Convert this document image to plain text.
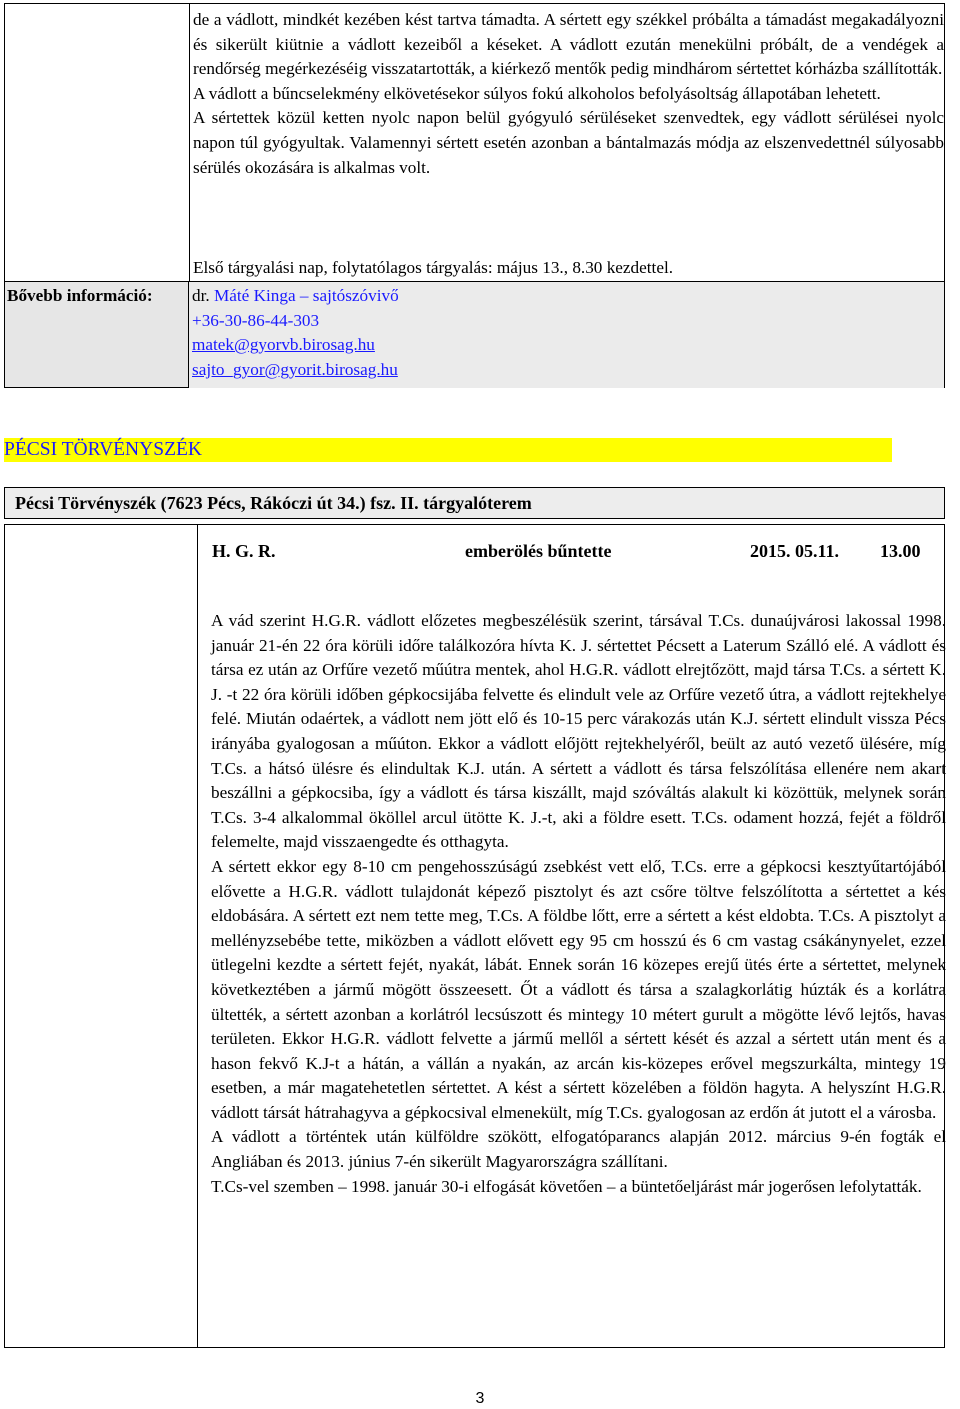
de a vádlott, mindkét kezében kést tartva támadta. A sértett egy székkel próbálta a támadást megakadályozni és sikerült kiütnie a vádlott kezeiből a késeket. A vádlott ezután menekülni próbált, de a vendégek a rendőrség megérkezéséig visszatartották, a kiérkező mentők pedig mindhárom sértettet kórházba szállították.

A vádlott a bűncselekmény elkövetésekor súlyos fokú alkoholos befolyásoltság állapotában lehetett.

A sértettek közül ketten nyolc napon belül gyógyuló sérüléseket szenvedtek, egy vádlott sérülései nyolc napon túl gyógyultak. Valamennyi sértett esetén azonban a bántalmazás módja az elszenvedettnél súlyosabb sérülés okozására is alkalmas volt.

Első tárgyalási nap, folytatólagos tárgyalás: május 13., 8.30 kezdettel.
Bővebb információ: dr. Máté Kinga – sajtószóvivő
+36-30-86-44-303
matek@gyorvb.birosag.hu
sajto_gyor@gyorit.birosag.hu
PÉCSI TÖRVÉNYSZÉK
Pécsi Törvényszék (7623 Pécs, Rákóczi út 34.) fsz. II. tárgyalóterem
H. G. R.	emberölés bűntette	2015. 05.11. 13.00

A vád szerint H.G.R. vádlott előzetes megbeszélésük szerint, társával T.Cs. dunaújvárosi lakossal 1998. január 21-én 22 óra körüli időre találkozóra hívta K. J. sértettet Pécsett a Laterum Szálló elé. A vádlott és társa ez után az Orfűre vezető műútra mentek, ahol H.G.R. vádlott elrejtőzött, majd társa T.Cs. a sértett K. J. -t 22 óra körüli időben gépkocsijába felvette és elindult vele az Orfűre vezető útra, a vádlott rejtekhelye felé. Miután odaértek, a vádlott nem jött elő és 10-15 perc várakozás után K.J. sértett elindult vissza Pécs irányába gyalogosan a műúton. Ekkor a vádlott előjött rejtekhelyéről, beült az autó vezető ülésére, míg T.Cs. a hátsó ülésre és elindultak K.J. után. A sértett a vádlott és társa felszólítása ellenére nem akart beszállni a gépkocsiba, így a vádlott és társa kiszállt, majd szóváltás alakult ki közöttük, melynek során T.Cs. 3-4 alkalommal ököllel arcul ütötte K. J.-t, aki a földre esett. T.Cs. odament hozzá, fejét a földről felemelte, majd visszaengedte és otthagyta.

A sértett ekkor egy 8-10 cm pengehosszúságú zsebkést vett elő, T.Cs. erre a gépkocsi kesztyűtartójából elővette a H.G.R. vádlott tulajdonát képező pisztolyt és azt csőre töltve felszólította a sértettet a kés eldobására. A sértett ezt nem tette meg, T.Cs. A földbe lőtt, erre a sértett a kést eldobta. T.Cs. A pisztolyt a mellényzsebébe tette, miközben a vádlott elővett egy 95 cm hosszú és 6 cm vastag csákánynyelet, ezzel ütlegelni kezdte a sértett fejét, nyakát, lábát. Ennek során 16 közepes erejű ütés érte a sértettet, melynek következtében a jármű mögött összeesett. Őt a vádlott és társa a szalagkorlátig húzták és a korlátra ültették, a sértett azonban a korlátról lecsúszott és mintegy 10 métert gurult a mögötte lévő lejtős, havas területen. Ekkor H.G.R. vádlott felvette a jármű mellől a sértett kését és azzal a sértett után ment és a hason fekvő K.J-t a hátán, a vállán a nyakán, az arcán kis-közepes erővel megszurkálta, mintegy 19 esetben, a már magatehetetlen sértettet. A kést a sértett közelében a földön hagyta. A helyszínt H.G.R. vádlott társát hátrahagyva a gépkocsival elmenekült, míg T.Cs. gyalogosan az erdőn át jutott el a városba.

A vádlott a történtek után külföldre szökött, elfogatóparancs alapján 2012. március 9-én fogták el Angliában és 2013. június 7-én sikerült Magyarországra szállítani.

T.Cs-vel szemben – 1998. január 30-i elfogását követően – a büntetőeljárást már jogerősen lefolytatták.

3
